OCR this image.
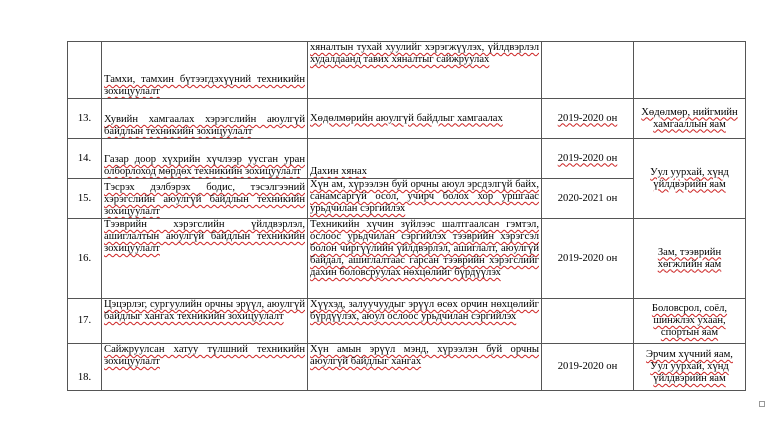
	Тамхи, тамхин бүтээгдэхүүний техникийн зохицуулалт	хяналтын тухай хуулийг хэрэгжүүлэх, үйлдвэрлэл худалдаанд тавих хяналтыг сайжруулах		
13.	Хувийн хамгаалах хэрэгслийн аюулгүй байдлын техникийн зохицуулалт	Хөдөлмөрийн аюулгүй байдлыг хамгаалах	2019-2020 он	Хөдөлмөр, нийгмийн хамгааллын яам
14.	Газар доор хүхрийн хүчлээр уусган уран олборлоход мөрдөх техникийн зохицуулалт	Дахин хянах	2019-2020 он	Уул уурхай, хүнд үйлдвэрийн яам
15.	Тэсрэх дэлбэрэх бодис, тэсэлгээний хэрэгслийн аюулгүй байдлын техникийн зохицуулалт	Хүн ам, хүрээлэн буй орчны аюул эрсдэлгүй байх, санамсаргүй осол, учирч болох хор уршгаас урьдчилан сэргийлэх	2020-2021 он	
16.	Тээврийн хэрэгслийн үйлдвэрлэл, ашиглалтын аюулгүй байдлын техникийн зохицуулалт	Техникийн хүчин зүйлээс шалтгаалсан гэмтэл, ослоос урьдчилан сэргийлэх тээврийн хэрэгсэл болон чиргүүлийн үйлдвэрлэл, ашиглалт, аюулгүй байдал, ашиглалтаас гарсан тээврийн хэрэгслийг дахин боловсруулах нөхцөлийг бүрдүүлэх	2019-2020 он	Зам, тээврийн хөгжлийн яам
17.	Цэцэрлэг, сургуулийн орчны эрүүл, аюулгүй байдлыг хангах техникийн зохицуулалт	Хүүхэд, залуучуудыг эрүүл өсөх орчин нөхцөлийг бүрдүүлэх, аюул ослоос урьдчилан сэргийлэх		Боловсрол, соёл, шинжлэх ухаан, спортын яам
18.	Сайжруулсан хатуу түлшний техникийн зохицуулалт	Хүн амын эрүүл мэнд, хүрээлэн буй орчны аюулгүй байдлыг хангах	2019-2020 он	Эрчим хүчний яам, Уул уурхай, хүнд үйлдвэрийн яам
